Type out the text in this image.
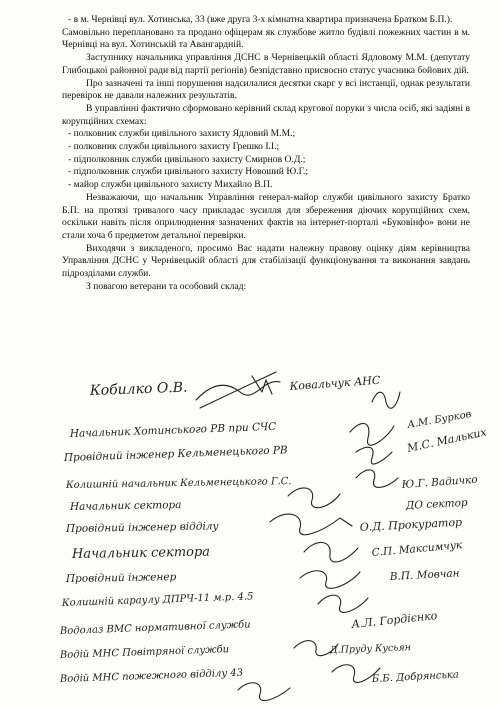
- в м. Чернівці вул. Хотинська, 33 (вже друга 3-х кімнатна квартира призначена Братком Б.П.).

Самовільно переплановано та продано офіцерам як службове житло будівлі пожежних частин в м. Чернівці на вул. Хотинській та Авангардній.

Заступнику начальника управління ДСНС в Чернівецькій області Ядловому М.М. (депутату Глибоцької районної ради від партії регіонів) безпідставно присвоєно статус учасника бойових дій.

Про зазначені та інші порушення надсилалися десятки скарг у всі інстанції, однак результати перевірок не давали належних результатів.

В управлінні фактично сформовано керівний склад кругової поруки з числа осіб, які задіяні в корупційних схемах:

- полковник служби цивільного захисту Ядловий М.М.;

- полковник служби цивільного захисту Грешко І.І.;

- підполковник служби цивільного захисту Смирнов О.Д.;

- підполковник служби цивільного захисту Новоший Ю.Г.;

- майор служби цивільного захисту Михайло В.П.

Незважаючи, що начальник Управління генерал-майор служби цивільного захисту Братко Б.П. на протязі тривалого часу прикладає зусилля для збереження діючих корупційних схем, оскільки навіть після оприлюднення зазначених фактів на інтернет-порталі «Буковінфо» вони не стали хоча б предметом детальної перевірки.

Виходячи з викладеного, просимо Вас надати належну правову оцінку діям керівництва Управління ДСНС у Чернівецькій області для стабілізації функціонування та виконання завдань підрозділами служби.

З повагою ветерани та особовий склад:

Кобилко О.В.	Ковальчук АНС
А.М. Бурков
Начальник Хотинського РВ при СЧС
Провідний інженер Кельменецького РВ	М.С. Мальких
Колишній начальник Кельменецького Г.С.	Ю.Г. Вадичко
Начальник сектора	ДО сектор
Провідний інженер відділу	О.Д. Прокуратор
Начальник сектора	С.П. Максимчук
Провідний інженер	В.П. Мовчан
Колишній караулу ДПРЧ-11 м.р. 4.5
А.Л. Гордієнко
Водолаз ВМС нормативної служби
Д.Пруду Кусьян
Водій МНС Повітряної служби
Водій МНС пожежного відділу 43	Б.Б. Добрянська
